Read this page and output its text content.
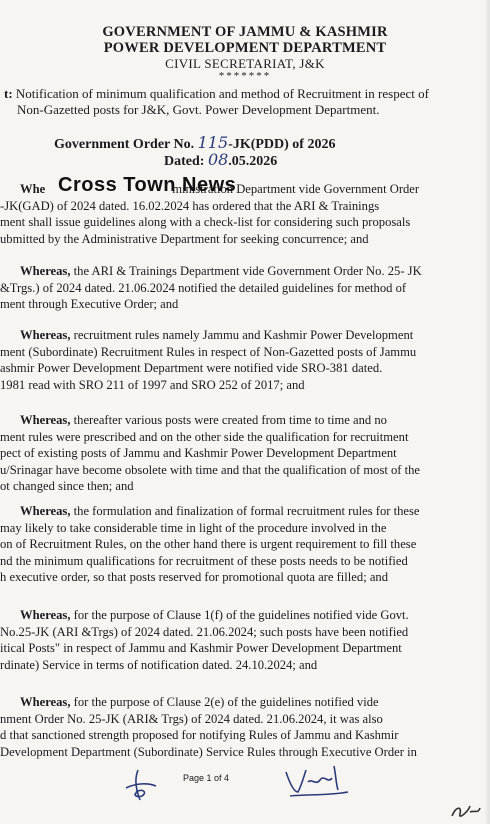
GOVERNMENT OF JAMMU & KASHMIR
POWER DEVELOPMENT DEPARTMENT
CIVIL SECRETARIAT, J&K
*******
t: Notification of minimum qualification and method of Recruitment in respect of
Non-Gazetted posts for J&K, Govt. Power Development Department.
Government Order No. 115-JK(PDD) of 2026
Dated: 08.05.2026
Whe	ministration Department vide Government Order
-JK(GAD) of 2024 dated. 16.02.2024 has ordered that the ARI & Trainings
ment shall issue guidelines along with a check-list for considering such proposals
ubmitted by the Administrative Department for seeking concurrence; and
Cross Town News
Whereas, the ARI & Trainings Department vide Government Order No. 25- JK
&Trgs.) of 2024 dated. 21.06.2024 notified the detailed guidelines for method of
ment through Executive Order; and
Whereas, recruitment rules namely Jammu and Kashmir Power Development
ment (Subordinate) Recruitment Rules in respect of Non-Gazetted posts of Jammu
ashmir Power Development Department were notified vide SRO-381 dated.
1981 read with SRO 211 of 1997 and SRO 252 of 2017; and
Whereas, thereafter various posts were created from time to time and no
ment rules were prescribed and on the other side the qualification for recruitment
pect of existing posts of Jammu and Kashmir Power Development Department
u/Srinagar have become obsolete with time and that the qualification of most of the
ot changed since then; and
Whereas, the formulation and finalization of formal recruitment rules for these
may likely to take considerable time in light of the procedure involved in the
on of Recruitment Rules, on the other hand there is urgent requirement to fill these
nd the minimum qualifications for recruitment of these posts needs to be notified
h executive order, so that posts reserved for promotional quota are filled; and
Whereas, for the purpose of Clause 1(f) of the guidelines notified vide Govt.
No.25-JK (ARI &Trgs) of 2024 dated. 21.06.2024; such posts have been notified
itical Posts" in respect of Jammu and Kashmir Power Development Department
rdinate) Service in terms of notification dated. 24.10.2024; and
Whereas, for the purpose of Clause 2(e) of the guidelines notified vide
nment Order No. 25-JK (ARI& Trgs) of 2024 dated. 21.06.2024, it was also
d that sanctioned strength proposed for notifying Rules of Jammu and Kashmir
Development Department (Subordinate) Service Rules through Executive Order in
Page 1 of 4
